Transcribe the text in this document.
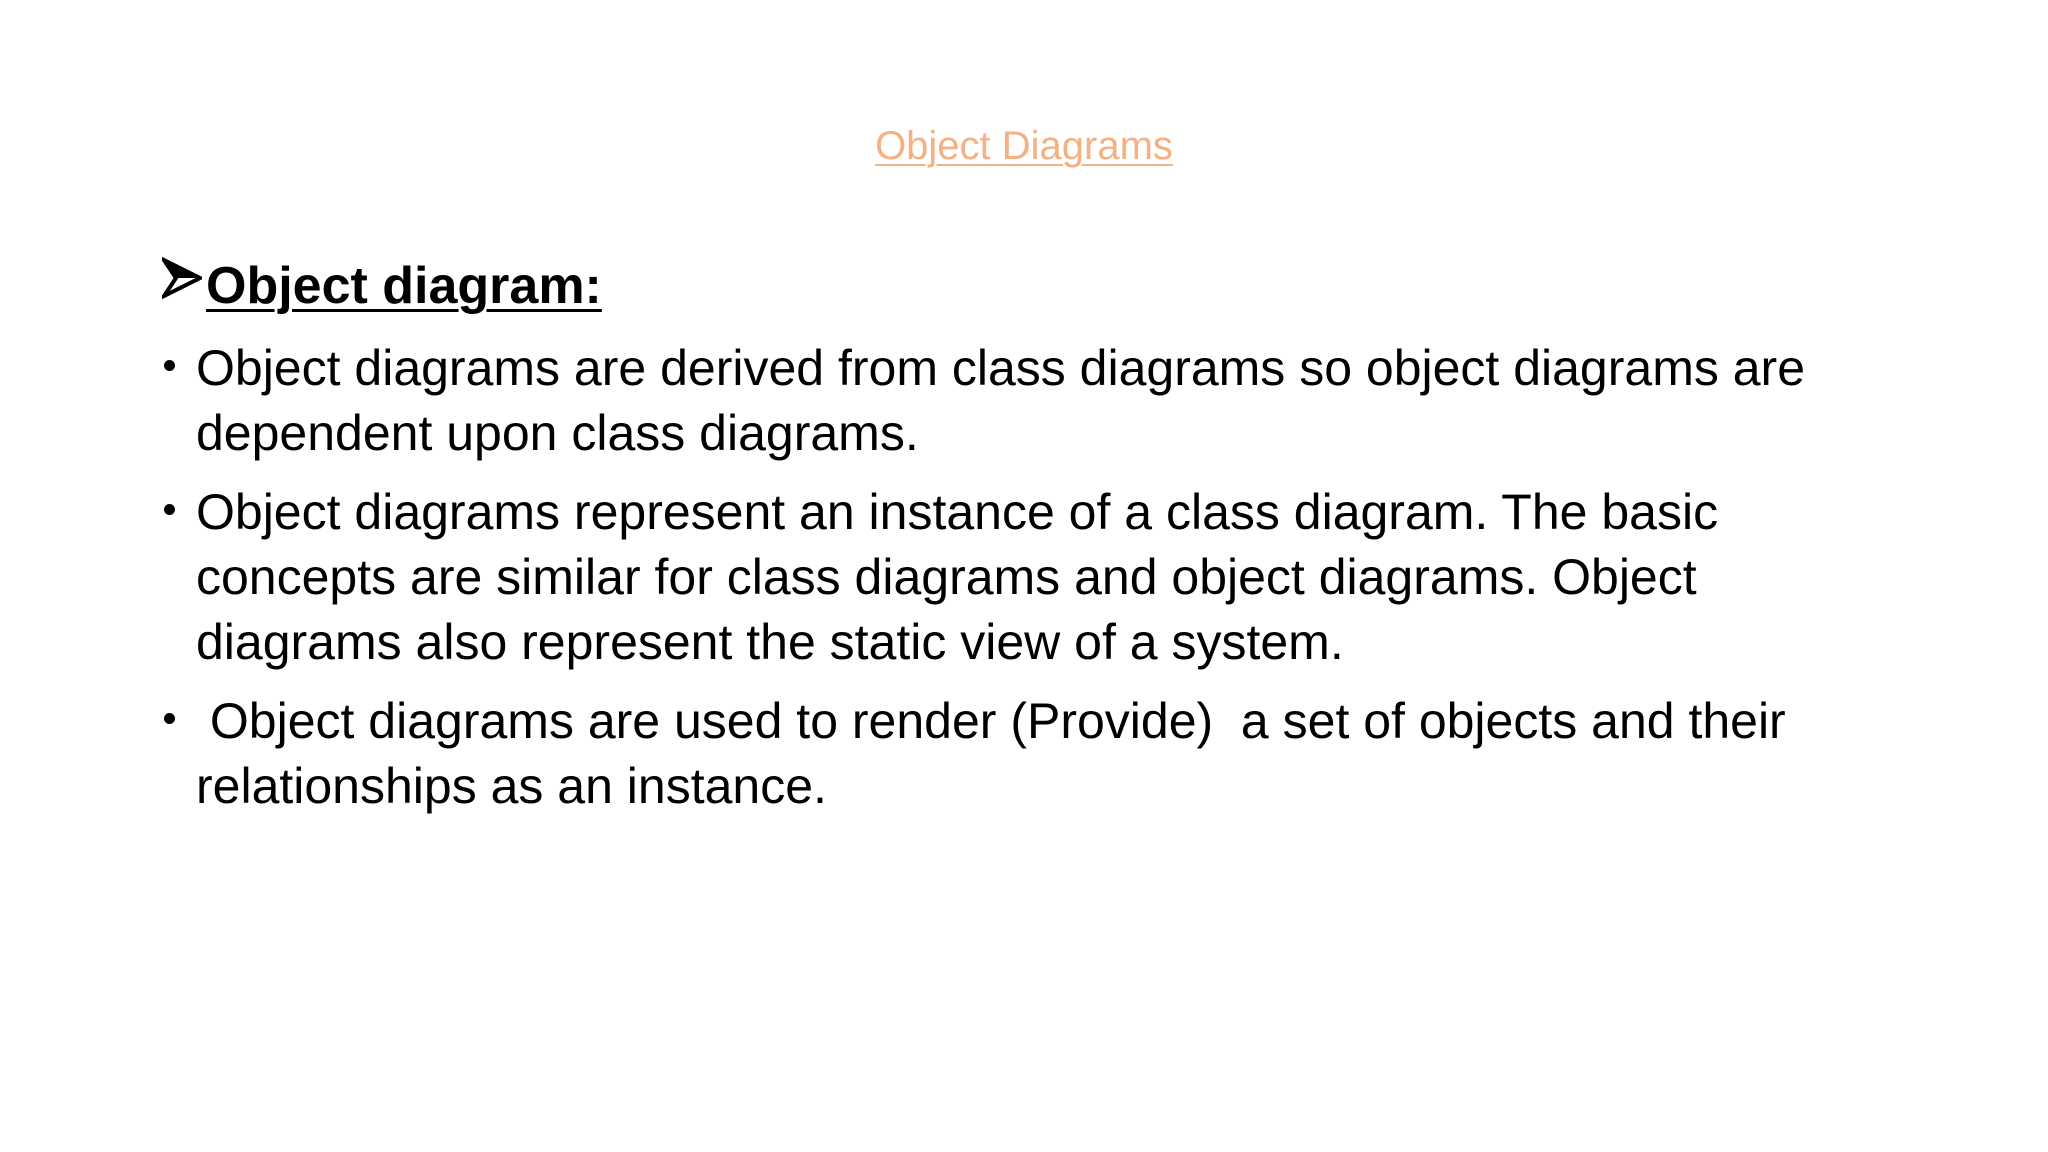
Object Diagrams
Object diagram:
Object diagrams are derived from class diagrams so object diagrams are dependent upon class diagrams.
Object diagrams represent an instance of a class diagram. The basic concepts are similar for class diagrams and object diagrams. Object diagrams also represent the static view of a system.
Object diagrams are used to render (Provide)  a set of objects and their relationships as an instance.
